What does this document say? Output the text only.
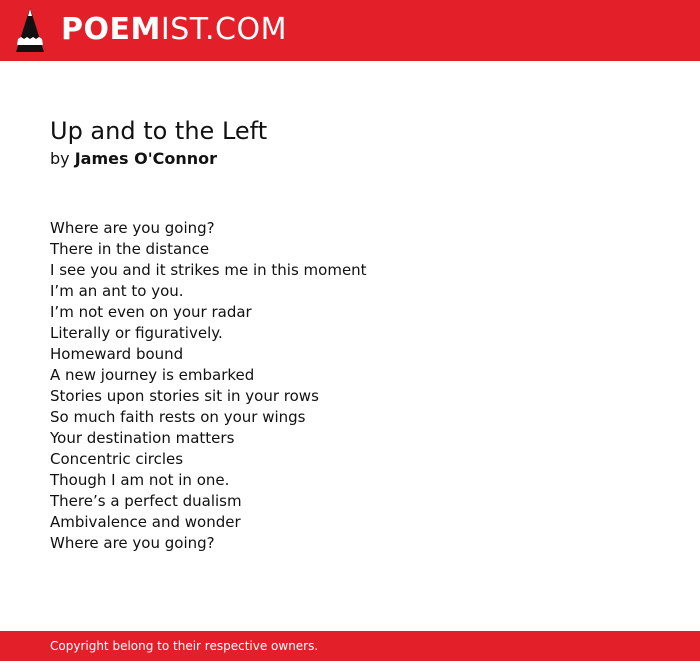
POEMIST.COM
Up and to the Left

by James O'Connor

Where are you going?
There in the distance
I see you and it strikes me in this moment
I’m an ant to you.
I’m not even on your radar
Literally or figuratively.
Homeward bound
A new journey is embarked
Stories upon stories sit in your rows
So much faith rests on your wings
Your destination matters
Concentric circles
Though I am not in one.
There’s a perfect dualism
Ambivalence and wonder
Where are you going?
Copyright belong to their respective owners.
